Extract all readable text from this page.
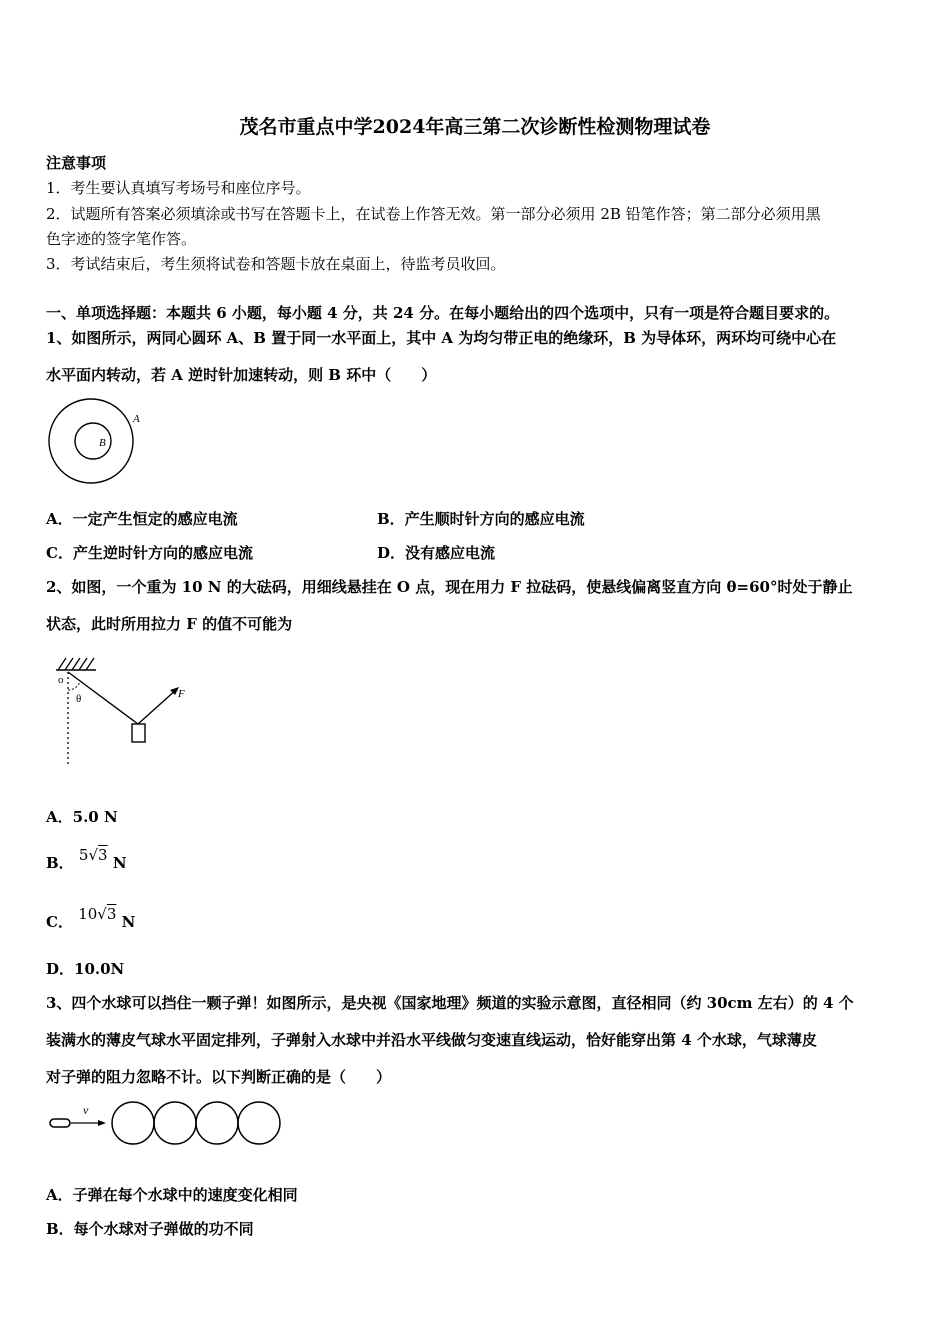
茂名市重点中学2024年高三第二次诊断性检测物理试卷
注意事项
1．考生要认真填写考场号和座位序号。
2．试题所有答案必须填涂或书写在答题卡上，在试卷上作答无效。第一部分必须用 2B 铅笔作答；第二部分必须用黑
色字迹的签字笔作答。
3．考试结束后，考生须将试卷和答题卡放在桌面上，待监考员收回。
一、单项选择题：本题共 6 小题，每小题 4 分，共 24 分。在每小题给出的四个选项中，只有一项是符合题目要求的。
1、如图所示，两同心圆环 A、B 置于同一水平面上，其中 A 为均匀带正电的绝缘环，B 为导体环，两环均可绕中心在
水平面内转动，若 A 逆时针加速转动，则 B 环中（　　）
A
B
A．一定产生恒定的感应电流	B．产生顺时针方向的感应电流
C．产生逆时针方向的感应电流	D．没有感应电流
2、如图，一个重为 10 N 的大砝码，用细线悬挂在 O 点，现在用力 F 拉砝码，使悬线偏离竖直方向 θ=60°时处于静止
状态，此时所用拉力 F 的值不可能为
o
θ	F
A．5.0 N
B． 5√3 N
C． 10√3 N
D．10.0N
3、四个水球可以挡住一颗子弹！如图所示，是央视《国家地理》频道的实验示意图，直径相同（约 30cm 左右）的 4 个
装满水的薄皮气球水平固定排列，子弹射入水球中并沿水平线做匀变速直线运动，恰好能穿出第 4 个水球，气球薄皮
对子弹的阻力忽略不计。以下判断正确的是（　　）
v
A．子弹在每个水球中的速度变化相同
B．每个水球对子弹做的功不同
